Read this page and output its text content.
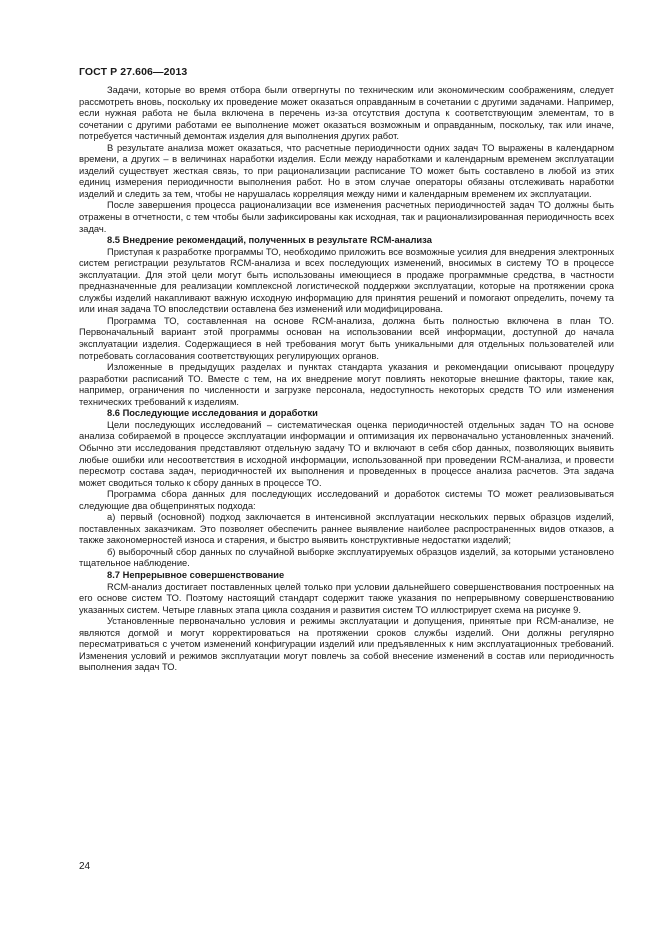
ГОСТ Р 27.606—2013

Задачи, которые во время отбора были отвергнуты по техническим или экономическим соображениям, следует рассмотреть вновь, поскольку их проведение может оказаться оправданным в сочетании с другими задачами. Например, если нужная работа не была включена в перечень из-за отсутствия доступа к соответствующим элементам, то в сочетании с другими работами ее выполнение может оказаться возможным и оправданным, поскольку, так или иначе, потребуется частичный демонтаж изделия для выполнения других работ.

В результате анализа может оказаться, что расчетные периодичности одних задач ТО выражены в календарном времени, а других – в величинах наработки изделия. Если между наработками и календарным временем эксплуатации изделий существует жесткая связь, то при рационализации расписание ТО может быть составлено в любой из этих единиц измерения периодичности выполнения работ. Но в этом случае операторы обязаны отслеживать наработки изделий и следить за тем, чтобы не нарушалась корреляция между ними и календарным временем их эксплуатации.

После завершения процесса рационализации все изменения расчетных периодичностей задач ТО должны быть отражены в отчетности, с тем чтобы были зафиксированы как исходная, так и рационализированная периодичность всех задач.

8.5 Внедрение рекомендаций, полученных в результате RCM-анализа

Приступая к разработке программы ТО, необходимо приложить все возможные усилия для внедрения электронных систем регистрации результатов RCM-анализа и всех последующих изменений, вносимых в систему ТО в процессе эксплуатации. Для этой цели могут быть использованы имеющиеся в продаже программные средства, в частности предназначенные для реализации комплексной логистической поддержки эксплуатации, которые на протяжении срока службы изделий накапливают важную исходную информацию для принятия решений и помогают определить, почему та или иная задача ТО впоследствии оставлена без изменений или модифицирована.

Программа ТО, составленная на основе RCM-анализа, должна быть полностью включена в план ТО. Первоначальный вариант этой программы основан на использовании всей информации, доступной до начала эксплуатации изделия. Содержащиеся в ней требования могут быть уникальными для отдельных пользователей или потребовать согласования соответствующих регулирующих органов.

Изложенные в предыдущих разделах и пунктах стандарта указания и рекомендации описывают процедуру разработки расписаний ТО. Вместе с тем, на их внедрение могут повлиять некоторые внешние факторы, такие как, например, ограничения по численности и загрузке персонала, недоступность некоторых средств ТО или изменения технических требований к изделиям.

8.6 Последующие исследования и доработки

Цели последующих исследований – систематическая оценка периодичностей отдельных задач ТО на основе анализа собираемой в процессе эксплуатации информации и оптимизация их первоначально установленных значений. Обычно эти исследования представляют отдельную задачу ТО и включают в себя сбор данных, позволяющих выявить любые ошибки или несоответствия в исходной информации, использованной при проведении RCM-анализа, и провести пересмотр состава задач, периодичностей их выполнения и проведенных в процессе анализа расчетов. Эта задача может сводиться только к сбору данных в процессе ТО.

Программа сбора данных для последующих исследований и доработок системы ТО может реализовываться следующие два общепринятых подхода:

а) первый (основной) подход заключается в интенсивной эксплуатации нескольких первых образцов изделий, поставленных заказчикам. Это позволяет обеспечить раннее выявление наиболее распространенных видов отказов, а также закономерностей износа и старения, и быстро выявить конструктивные недостатки изделий;

б) выборочный сбор данных по случайной выборке эксплуатируемых образцов изделий, за которыми установлено тщательное наблюдение.

8.7 Непрерывное совершенствование

RCM-анализ достигает поставленных целей только при условии дальнейшего совершенствования построенных на его основе систем ТО. Поэтому настоящий стандарт содержит также указания по непрерывному совершенствованию указанных систем. Четыре главных этапа цикла создания и развития систем ТО иллюстрирует схема на рисунке 9.

Установленные первоначально условия и режимы эксплуатации и допущения, принятые при RCM-анализе, не являются догмой и могут корректироваться на протяжении сроков службы изделий. Они должны регулярно пересматриваться с учетом изменений конфигурации изделий или предъявленных к ним эксплуатационных требований. Изменения условий и режимов эксплуатации могут повлечь за собой внесение изменений в состав или периодичность выполнения задач ТО.

24
